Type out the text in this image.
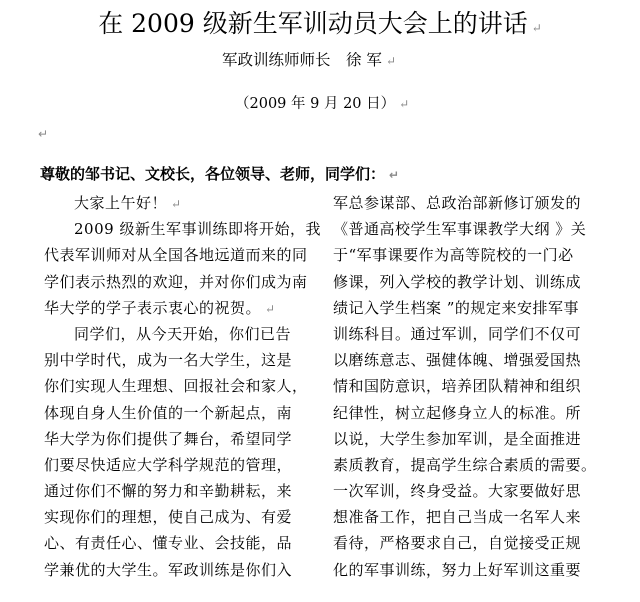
在 2009 级新生军训动员大会上的讲话 ↵
军政训练师师长　徐 军 ↵
（2009 年 9 月 20 日） ↵
↵
尊敬的邹书记、文校长，各位领导、老师，同学们： ↵
大家上午好！ ↵
2009 级新生军事训练即将开始，我
代表军训师对从全国各地远道而来的同
学们表示热烈的欢迎，并对你们成为南
华大学的学子表示衷心的祝贺。 ↵
同学们，从今天开始，你们已告
别中学时代，成为一名大学生，这是
你们实现人生理想、回报社会和家人，
体现自身人生价值的一个新起点，南
华大学为你们提供了舞台，希望同学
们要尽快适应大学科学规范的管理，
通过你们不懈的努力和辛勤耕耘，来
实现你们的理想，使自己成为、有爱
心、有责任心、懂专业、会技能，品
学兼优的大学生。军政训练是你们入
军总参谋部、总政治部新修订颁发的
《普通高校学生军事课教学大纲 》关
于“军事课要作为高等院校的一门必
修课，列入学校的教学计划、训练成
绩记入学生档案 ”的规定来安排军事
训练科目。通过军训，同学们不仅可
以磨练意志、强健体魄、增强爱国热
情和国防意识，培养团队精神和组织
纪律性，树立起修身立人的标准。所
以说，大学生参加军训，是全面推进
素质教育，提高学生综合素质的需要。
一次军训，终身受益。大家要做好思
想准备工作，把自己当成一名军人来
看待，严格要求自己，自觉接受正规
化的军事训练，努力上好军训这重要
